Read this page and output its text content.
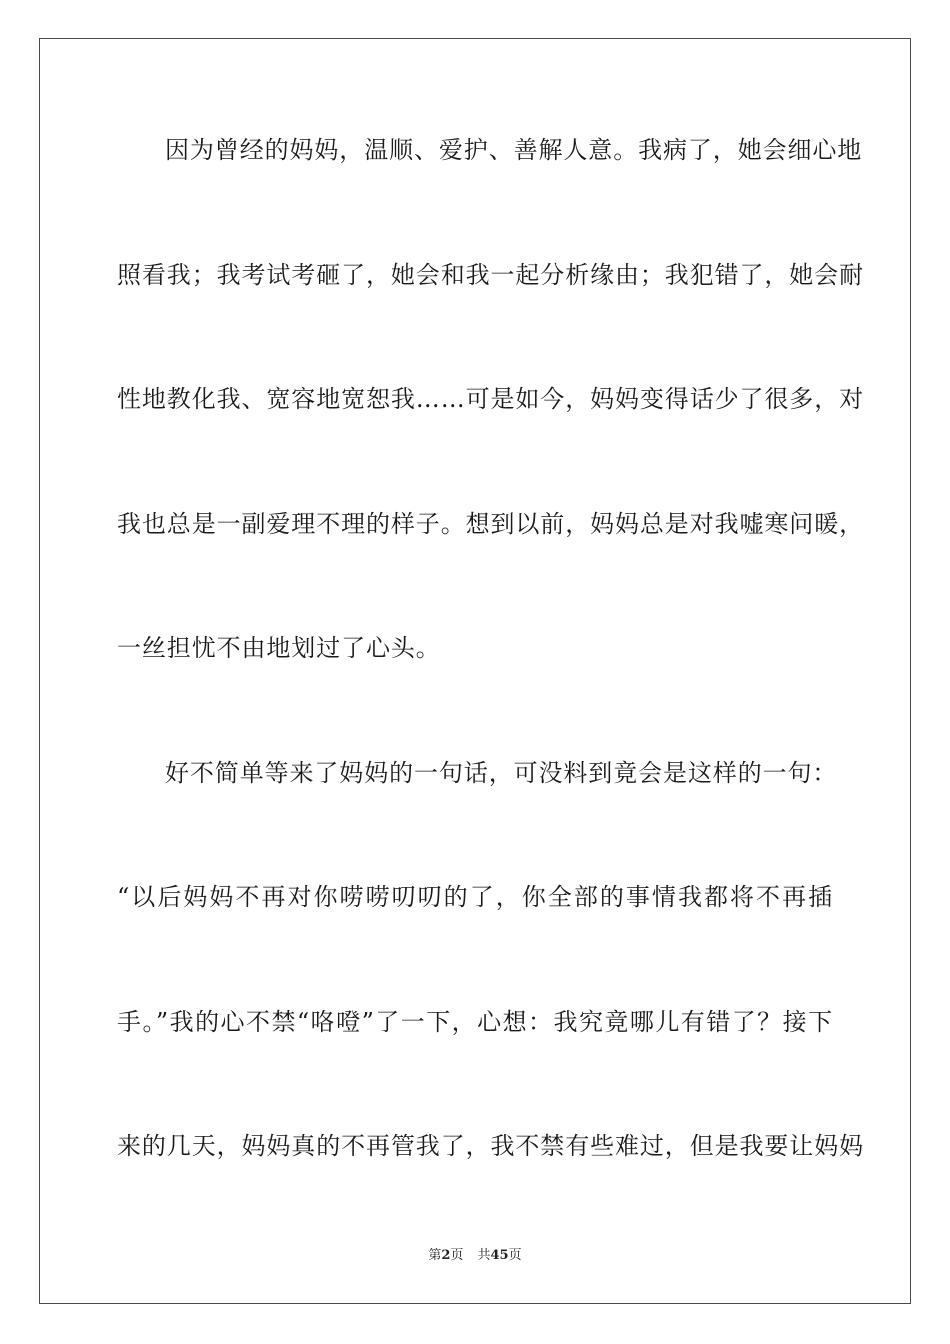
因为曾经的妈妈，温顺、爱护、善解人意。我病了，她会细心地
照看我；我考试考砸了，她会和我一起分析缘由；我犯错了，她会耐
性地教化我、宽容地宽恕我……可是如今，妈妈变得话少了很多，对
我也总是一副爱理不理的样子。想到以前，妈妈总是对我嘘寒问暖，
一丝担忧不由地划过了心头。
好不简单等来了妈妈的一句话，可没料到竟会是这样的一句：
“以后妈妈不再对你唠唠叨叨的了，你全部的事情我都将不再插
手。”我的心不禁“咯噔”了一下，心想：我究竟哪儿有错了？接下
来的几天，妈妈真的不再管我了，我不禁有些难过，但是我要让妈妈
第2页 共45页
